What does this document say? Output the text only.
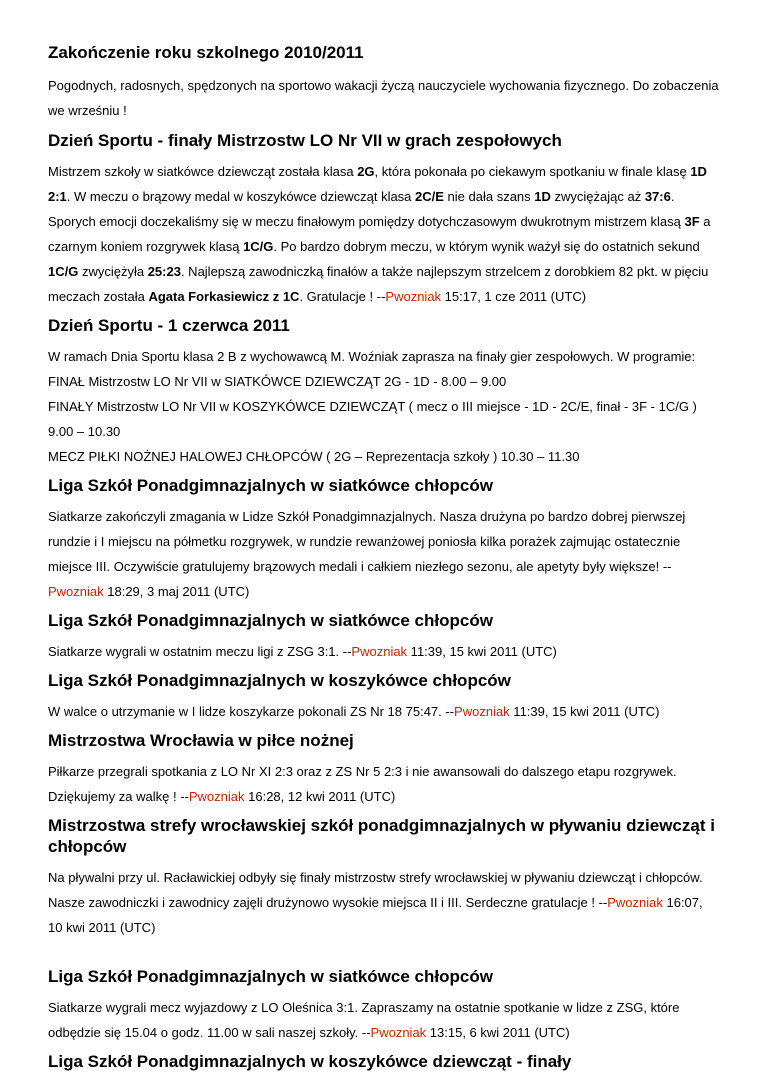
Zakończenie roku szkolnego 2010/2011

Pogodnych, radosnych, spędzonych na sportowo wakacji życzą nauczyciele wychowania fizycznego. Do zobaczenia we wrześniu !

Dzień Sportu - finały Mistrzostw LO Nr VII w grach zespołowych

Mistrzem szkoły w siatkówce dziewcząt została klasa 2G, która pokonała po ciekawym spotkaniu w finale klasę 1D 2:1. W meczu o brązowy medal w koszykówce dziewcząt klasa 2C/E nie dała szans 1D zwyciężając aż 37:6. Sporych emocji doczekaliśmy się w meczu finałowym pomiędzy dotychczasowym dwukrotnym mistrzem klasą 3F a czarnym koniem rozgrywek klasą 1C/G. Po bardzo dobrym meczu, w którym wynik ważył się do ostatnich sekund 1C/G zwyciężyła 25:23. Najlepszą zawodniczką finałów a także najlepszym strzelcem z dorobkiem 82 pkt. w pięciu meczach została Agata Forkasiewicz z 1C. Gratulacje ! --Pwozniak 15:17, 1 cze 2011 (UTC)

Dzień Sportu - 1 czerwca 2011

W ramach Dnia Sportu klasa 2 B z wychowawcą M. Woźniak zaprasza na finały gier zespołowych. W programie:

FINAŁ Mistrzostw LO Nr VII w SIATKÓWCE DZIEWCZĄT 2G - 1D - 8.00 – 9.00

FINAŁY Mistrzostw LO Nr VII w KOSZYKÓWCE DZIEWCZĄT ( mecz o III miejsce - 1D - 2C/E, finał - 3F - 1C/G ) 9.00 – 10.30

MECZ PIŁKI NOŻNEJ HALOWEJ CHŁOPCÓW ( 2G – Reprezentacja szkoły ) 10.30 – 11.30

Liga Szkół Ponadgimnazjalnych w siatkówce chłopców

Siatkarze zakończyli zmagania w Lidze Szkół Ponadgimnazjalnych. Nasza drużyna po bardzo dobrej pierwszej rundzie i I miejscu na półmetku rozgrywek, w rundzie rewanżowej poniosła kilka porażek zajmując ostatecznie miejsce III. Oczywiście gratulujemy brązowych medali i całkiem niezłego sezonu, ale apetyty były większe! --Pwozniak 18:29, 3 maj 2011 (UTC)

Liga Szkół Ponadgimnazjalnych w siatkówce chłopców

Siatkarze wygrali w ostatnim meczu ligi z ZSG 3:1. --Pwozniak 11:39, 15 kwi 2011 (UTC)

Liga Szkół Ponadgimnazjalnych w koszykówce chłopców

W walce o utrzymanie w I lidze koszykarze pokonali ZS Nr 18 75:47. --Pwozniak 11:39, 15 kwi 2011 (UTC)

Mistrzostwa Wrocławia w piłce nożnej

Piłkarze przegrali spotkania z LO Nr XI 2:3 oraz z ZS Nr 5 2:3 i nie awansowali do dalszego etapu rozgrywek. Dziękujemy za walkę ! --Pwozniak 16:28, 12 kwi 2011 (UTC)

Mistrzostwa strefy wrocławskiej szkół ponadgimnazjalnych w pływaniu dziewcząt i chłopców

Na pływalni przy ul. Racławickiej odbyły się finały mistrzostw strefy wrocławskiej w pływaniu dziewcząt i chłopców. Nasze zawodniczki i zawodnicy zajęli drużynowo wysokie miejsca II i III. Serdeczne gratulacje ! --Pwozniak 16:07, 10 kwi 2011 (UTC)

Liga Szkół Ponadgimnazjalnych w siatkówce chłopców

Siatkarze wygrali mecz wyjazdowy z LO Oleśnica 3:1. Zapraszamy na ostatnie spotkanie w lidze z ZSG, które odbędzie się 15.04 o godz. 11.00 w sali naszej szkoły. --Pwozniak 13:15, 6 kwi 2011 (UTC)

Liga Szkół Ponadgimnazjalnych w koszykówce dziewcząt - finały
